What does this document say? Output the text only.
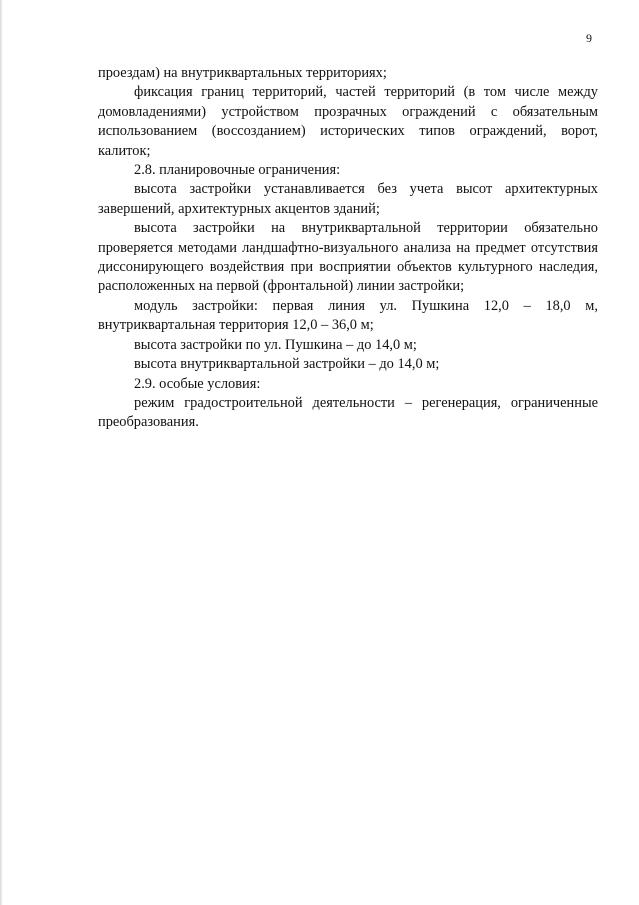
9

проездам) на внутриквартальных территориях;

фиксация границ территорий, частей территорий (в том числе между домовладениями) устройством прозрачных ограждений с обязательным использованием (воссозданием) исторических типов ограждений, ворот, калиток;

2.8. планировочные ограничения:

высота застройки устанавливается без учета высот архитектурных завершений, архитектурных акцентов зданий;

высота застройки на внутриквартальной территории обязательно проверяется методами ландшафтно-визуального анализа на предмет отсутствия диссонирующего воздействия при восприятии объектов культурного наследия, расположенных на первой (фронтальной) линии застройки;

модуль застройки: первая линия ул. Пушкина 12,0 – 18,0 м, внутриквартальная территория 12,0 – 36,0 м;

высота застройки по ул. Пушкина – до 14,0 м;

высота внутриквартальной застройки – до 14,0 м;

2.9. особые условия:

режим градостроительной деятельности – регенерация, ограниченные преобразования.
